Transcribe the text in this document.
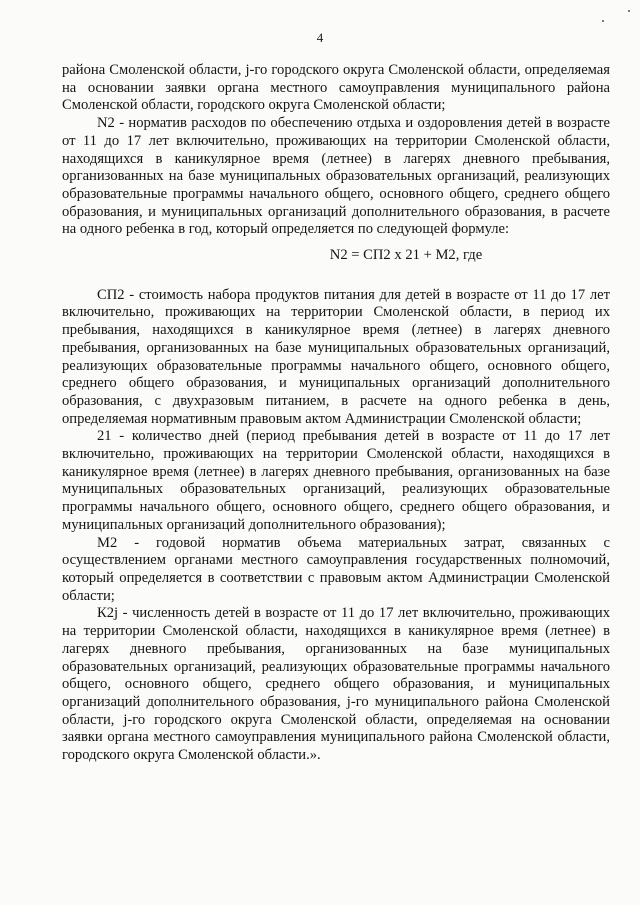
4

района Смоленской области, j-го городского округа Смоленской области, определяемая на основании заявки органа местного самоуправления муниципального района Смоленской области, городского округа Смоленской области;

N2 - норматив расходов по обеспечению отдыха и оздоровления детей в возрасте от 11 до 17 лет включительно, проживающих на территории Смоленской области, находящихся в каникулярное время (летнее) в лагерях дневного пребывания, организованных на базе муниципальных образовательных организаций, реализующих образовательные программы начального общего, основного общего, среднего общего образования, и муниципальных организаций дополнительного образования, в расчете на одного ребенка в год, который определяется по следующей формуле:

N2 = СП2 х 21 + М2, где

СП2 - стоимость набора продуктов питания для детей в возрасте от 11 до 17 лет включительно, проживающих на территории Смоленской области, в период их пребывания, находящихся в каникулярное время (летнее) в лагерях дневного пребывания, организованных на базе муниципальных образовательных организаций, реализующих образовательные программы начального общего, основного общего, среднего общего образования, и муниципальных организаций дополнительного образования, с двухразовым питанием, в расчете на одного ребенка в день, определяемая нормативным правовым актом Администрации Смоленской области;

21 - количество дней (период пребывания детей в возрасте от 11 до 17 лет включительно, проживающих на территории Смоленской области, находящихся в каникулярное время (летнее) в лагерях дневного пребывания, организованных на базе муниципальных образовательных организаций, реализующих образовательные программы начального общего, основного общего, среднего общего образования, и муниципальных организаций дополнительного образования);

М2 - годовой норматив объема материальных затрат, связанных с осуществлением органами местного самоуправления государственных полномочий, который определяется в соответствии с правовым актом Администрации Смоленской области;

К2j - численность детей в возрасте от 11 до 17 лет включительно, проживающих на территории Смоленской области, находящихся в каникулярное время (летнее) в лагерях дневного пребывания, организованных на базе муниципальных образовательных организаций, реализующих образовательные программы начального общего, основного общего, среднего общего образования, и муниципальных организаций дополнительного образования, j-го муниципального района Смоленской области, j-го городского округа Смоленской области, определяемая на основании заявки органа местного самоуправления муниципального района Смоленской области, городского округа Смоленской области.».
